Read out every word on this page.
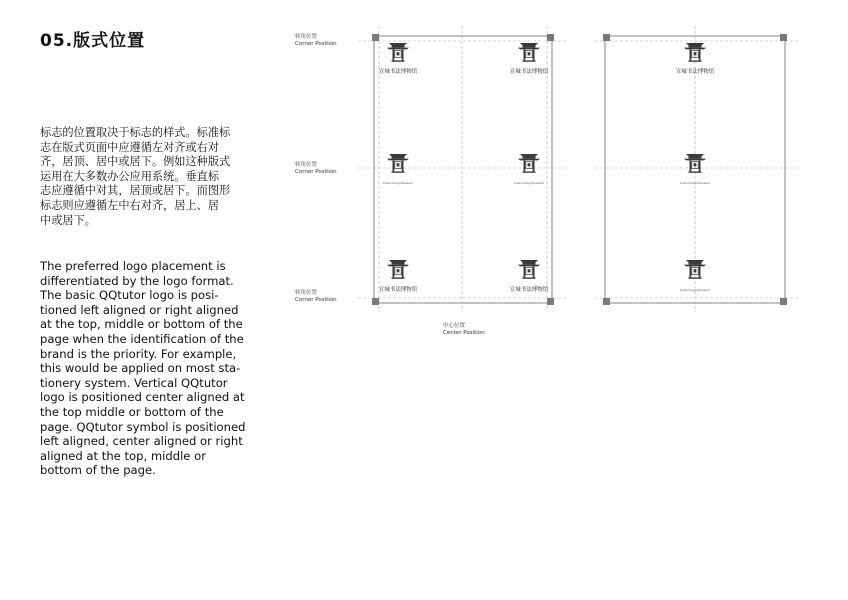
05.版式位置
标志的位置取决于标志的样式。标准标
志在版式页面中应遵循左对齐或右对
齐，居顶、居中或居下。例如这种版式
运用在大多数办公应用系统。垂直标
志应遵循中对其，居顶或居下。而图形
标志则应遵循左中右对齐，居上、居
中或居下。
The preferred logo placement is
differentiated by the logo format.
The basic QQtutor logo is posi-
tioned left aligned or right aligned
at the top, middle or bottom of the
page when the identification of the
brand is the priority. For example,
this would be applied on most sta-
tionery system. Vertical QQtutor
logo is positioned center aligned at
the top middle or bottom of the
page. QQtutor symbol is positioned
left aligned, center aligned or right
aligned at the top, middle or
bottom of the page.
转角位置
Corner Position
转角位置
Corner Position
转角位置
Corner Position
中心位置
Center Position
宣城书法博物馆	宣城书法博物馆
Xuancheng Museum	Xuancheng Museum
宣城书法博物馆	宣城书法博物馆
宣城书法博物馆
Xuancheng Museum
Xuancheng Museum
